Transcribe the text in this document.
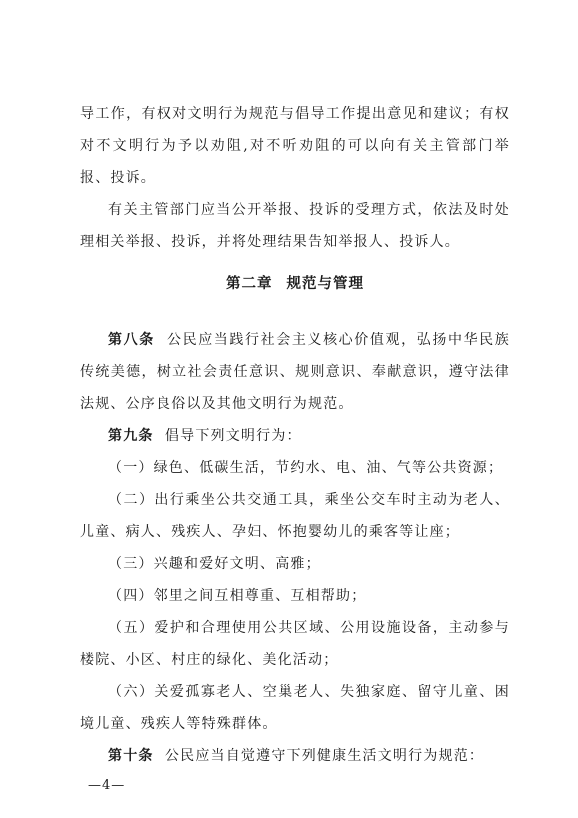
导工作，有权对文明行为规范与倡导工作提出意见和建议；有权对不文明行为予以劝阻,对不听劝阻的可以向有关主管部门举报、投诉。

有关主管部门应当公开举报、投诉的受理方式，依法及时处理相关举报、投诉，并将处理结果告知举报人、投诉人。

第二章 规范与管理

第八条 公民应当践行社会主义核心价值观，弘扬中华民族传统美德，树立社会责任意识、规则意识、奉献意识，遵守法律法规、公序良俗以及其他文明行为规范。

第九条 倡导下列文明行为：

（一）绿色、低碳生活，节约水、电、油、气等公共资源；

（二）出行乘坐公共交通工具，乘坐公交车时主动为老人、儿童、病人、残疾人、孕妇、怀抱婴幼儿的乘客等让座；

（三）兴趣和爱好文明、高雅；

（四）邻里之间互相尊重、互相帮助；

（五）爱护和合理使用公共区域、公用设施设备，主动参与楼院、小区、村庄的绿化、美化活动；

（六）关爱孤寡老人、空巢老人、失独家庭、留守儿童、困境儿童、残疾人等特殊群体。

第十条 公民应当自觉遵守下列健康生活文明行为规范：

—4—
